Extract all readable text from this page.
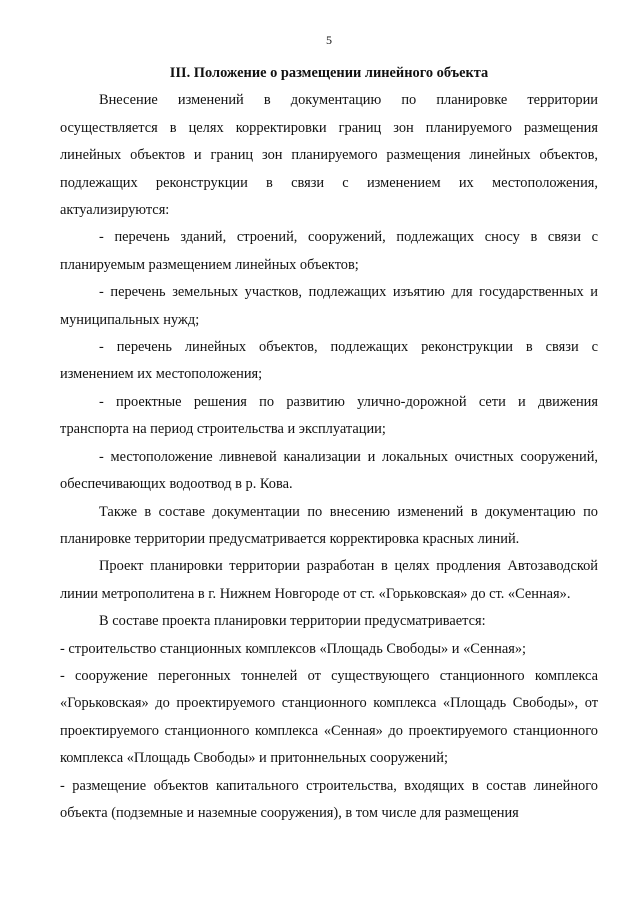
5

III. Положение о размещении линейного объекта

Внесение изменений в документацию по планировке территории осуществляется в целях корректировки границ зон планируемого размещения линейных объектов и границ зон планируемого размещения линейных объектов, подлежащих реконструкции в связи с изменением их местоположения, актуализируются:

- перечень зданий, строений, сооружений, подлежащих сносу в связи с планируемым размещением линейных объектов;

- перечень земельных участков, подлежащих изъятию для государственных и муниципальных нужд;

- перечень линейных объектов, подлежащих реконструкции в связи с изменением их местоположения;

- проектные решения по развитию улично-дорожной сети и движения транспорта на период строительства и эксплуатации;

- местоположение ливневой канализации и локальных очистных сооружений, обеспечивающих водоотвод в р. Кова.

Также в составе документации по внесению изменений в документацию по планировке территории предусматривается корректировка красных линий.

Проект планировки территории разработан в целях продления Автозаводской линии метрополитена в г. Нижнем Новгороде от ст. «Горьковская» до ст. «Сенная».

В составе проекта планировки территории предусматривается:

- строительство станционных комплексов «Площадь Свободы» и «Сенная»;

- сооружение перегонных тоннелей от существующего станционного комплекса «Горьковская» до проектируемого станционного комплекса «Площадь Свободы», от проектируемого станционного комплекса «Сенная» до проектируемого станционного комплекса «Площадь Свободы» и притоннельных сооружений;

- размещение объектов капитального строительства, входящих в состав линейного объекта (подземные и наземные сооружения), в том числе для размещения
